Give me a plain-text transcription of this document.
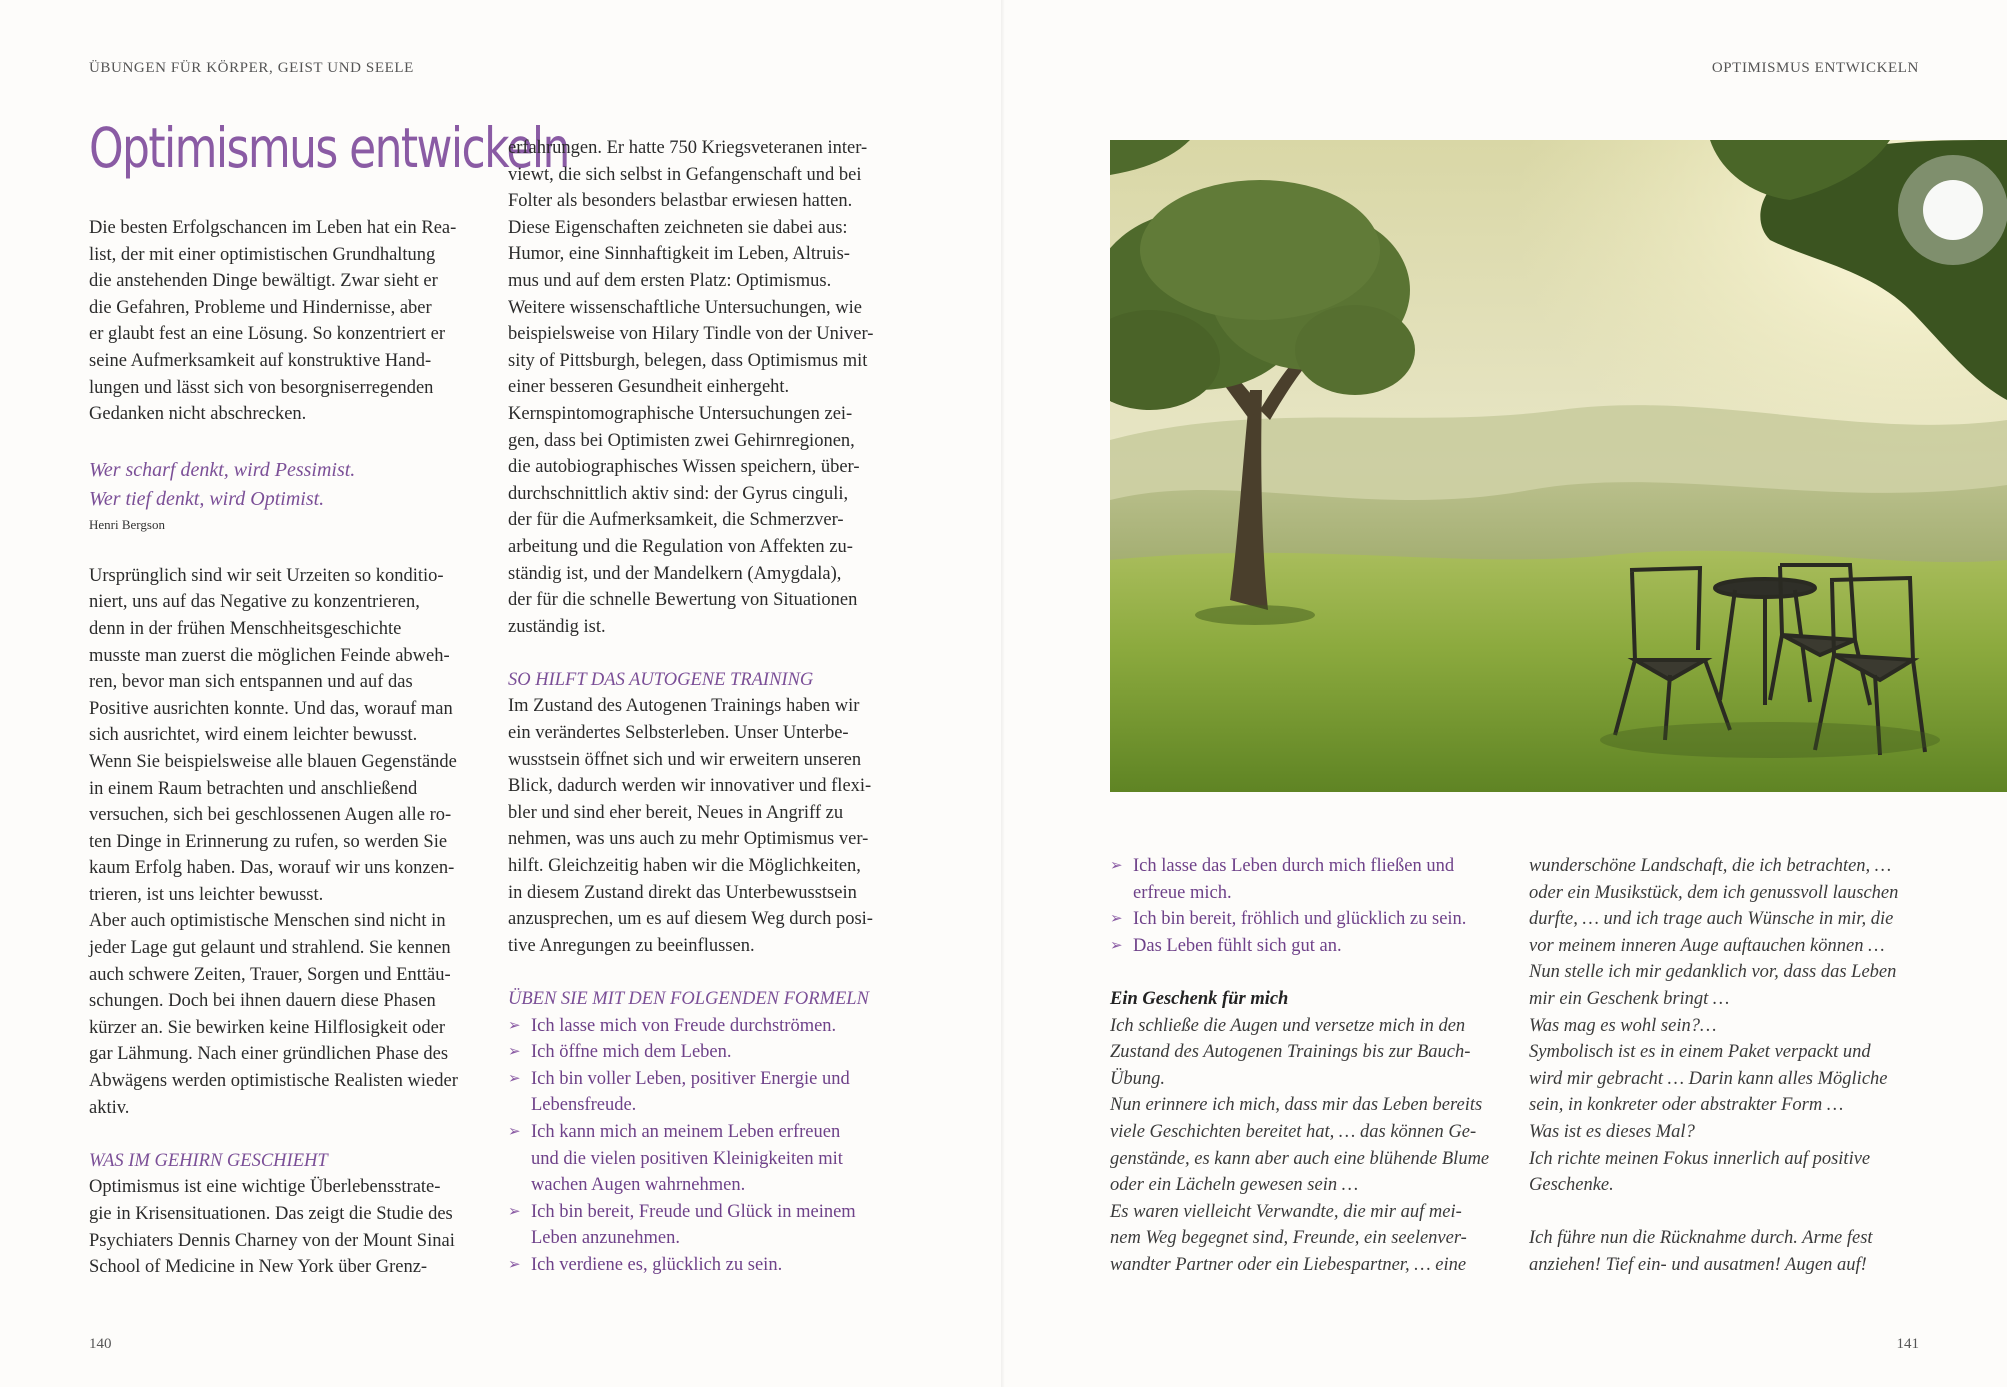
ÜBUNGEN FÜR KÖRPER, GEIST UND SEELE
Optimismus entwickeln

Die besten Erfolgschancen im Leben hat ein Rea-
list, der mit einer optimistischen Grundhaltung
die anstehenden Dinge bewältigt. Zwar sieht er
die Gefahren, Probleme und Hindernisse, aber
er glaubt fest an eine Lösung. So konzentriert er
seine Aufmerksamkeit auf konstruktive Hand-
lungen und lässt sich von besorgniserregenden
Gedanken nicht abschrecken.

Wer scharf denkt, wird Pessimist.
Wer tief denkt, wird Optimist.

Henri Bergson

Ursprünglich sind wir seit Urzeiten so konditio-
niert, uns auf das Negative zu konzentrieren,
denn in der frühen Menschheitsgeschichte
musste man zuerst die möglichen Feinde abweh-
ren, bevor man sich entspannen und auf das
Positive ausrichten konnte. Und das, worauf man
sich ausrichtet, wird einem leichter bewusst.
Wenn Sie beispielsweise alle blauen Gegenstände
in einem Raum betrachten und anschließend
versuchen, sich bei geschlossenen Augen alle ro-
ten Dinge in Erinnerung zu rufen, so werden Sie
kaum Erfolg haben. Das, worauf wir uns konzen-
trieren, ist uns leichter bewusst.
Aber auch optimistische Menschen sind nicht in
jeder Lage gut gelaunt und strahlend. Sie kennen
auch schwere Zeiten, Trauer, Sorgen und Enttäu-
schungen. Doch bei ihnen dauern diese Phasen
kürzer an. Sie bewirken keine Hilflosigkeit oder
gar Lähmung. Nach einer gründlichen Phase des
Abwägens werden optimistische Realisten wieder
aktiv.

WAS IM GEHIRN GESCHIEHT

Optimismus ist eine wichtige Überlebensstrate-
gie in Krisensituationen. Das zeigt die Studie des
Psychiaters Dennis Charney von der Mount Sinai
School of Medicine in New York über Grenz-

erfahrungen. Er hatte 750 Kriegsveteranen inter-
viewt, die sich selbst in Gefangenschaft und bei
Folter als besonders belastbar erwiesen hatten.
Diese Eigenschaften zeichneten sie dabei aus:
Humor, eine Sinnhaftigkeit im Leben, Altruis-
mus und auf dem ersten Platz: Optimismus.
Weitere wissenschaftliche Untersuchungen, wie
beispielsweise von Hilary Tindle von der Univer-
sity of Pittsburgh, belegen, dass Optimismus mit
einer besseren Gesundheit einhergeht.
Kernspintomographische Untersuchungen zei-
gen, dass bei Optimisten zwei Gehirnregionen,
die autobiographisches Wissen speichern, über-
durchschnittlich aktiv sind: der Gyrus cinguli,
der für die Aufmerksamkeit, die Schmerzver-
arbeitung und die Regulation von Affekten zu-
ständig ist, und der Mandelkern (Amygdala),
der für die schnelle Bewertung von Situationen
zuständig ist.

SO HILFT DAS AUTOGENE TRAINING

Im Zustand des Autogenen Trainings haben wir
ein verändertes Selbsterleben. Unser Unterbe-
wusstsein öffnet sich und wir erweitern unseren
Blick, dadurch werden wir innovativer und flexi-
bler und sind eher bereit, Neues in Angriff zu
nehmen, was uns auch zu mehr Optimismus ver-
hilft. Gleichzeitig haben wir die Möglichkeiten,
in diesem Zustand direkt das Unterbewusstsein
anzusprechen, um es auf diesem Weg durch posi-
tive Anregungen zu beeinflussen.

ÜBEN SIE MIT DEN FOLGENDEN FORMELN

➢ Ich lasse mich von Freude durchströmen.
➢ Ich öffne mich dem Leben.
➢ Ich bin voller Leben, positiver Energie und
Lebensfreude.
➢ Ich kann mich an meinem Leben erfreuen
und die vielen positiven Kleinigkeiten mit
wachen Augen wahrnehmen.
➢ Ich bin bereit, Freude und Glück in meinem
Leben anzunehmen.
➢ Ich verdiene es, glücklich zu sein.
140
OPTIMISMUS ENTWICKELN
141
➢ Ich lasse das Leben durch mich fließen und
erfreue mich.
➢ Ich bin bereit, fröhlich und glücklich zu sein.
➢ Das Leben fühlt sich gut an.

Ein Geschenk für mich

Ich schließe die Augen und versetze mich in den
Zustand des Autogenen Trainings bis zur Bauch-
Übung.
Nun erinnere ich mich, dass mir das Leben bereits
viele Geschichten bereitet hat, … das können Ge-
genstände, es kann aber auch eine blühende Blume
oder ein Lächeln gewesen sein …
Es waren vielleicht Verwandte, die mir auf mei-
nem Weg begegnet sind, Freunde, ein seelenver-
wandter Partner oder ein Liebespartner, … eine

wunderschöne Landschaft, die ich betrachten, …
oder ein Musikstück, dem ich genussvoll lauschen
durfte, … und ich trage auch Wünsche in mir, die
vor meinem inneren Auge auftauchen können …
Nun stelle ich mir gedanklich vor, dass das Leben
mir ein Geschenk bringt …
Was mag es wohl sein?…
Symbolisch ist es in einem Paket verpackt und
wird mir gebracht … Darin kann alles Mögliche
sein, in konkreter oder abstrakter Form …
Was ist es dieses Mal?
Ich richte meinen Fokus innerlich auf positive
Geschenke.

Ich führe nun die Rücknahme durch. Arme fest
anziehen! Tief ein- und ausatmen! Augen auf!
